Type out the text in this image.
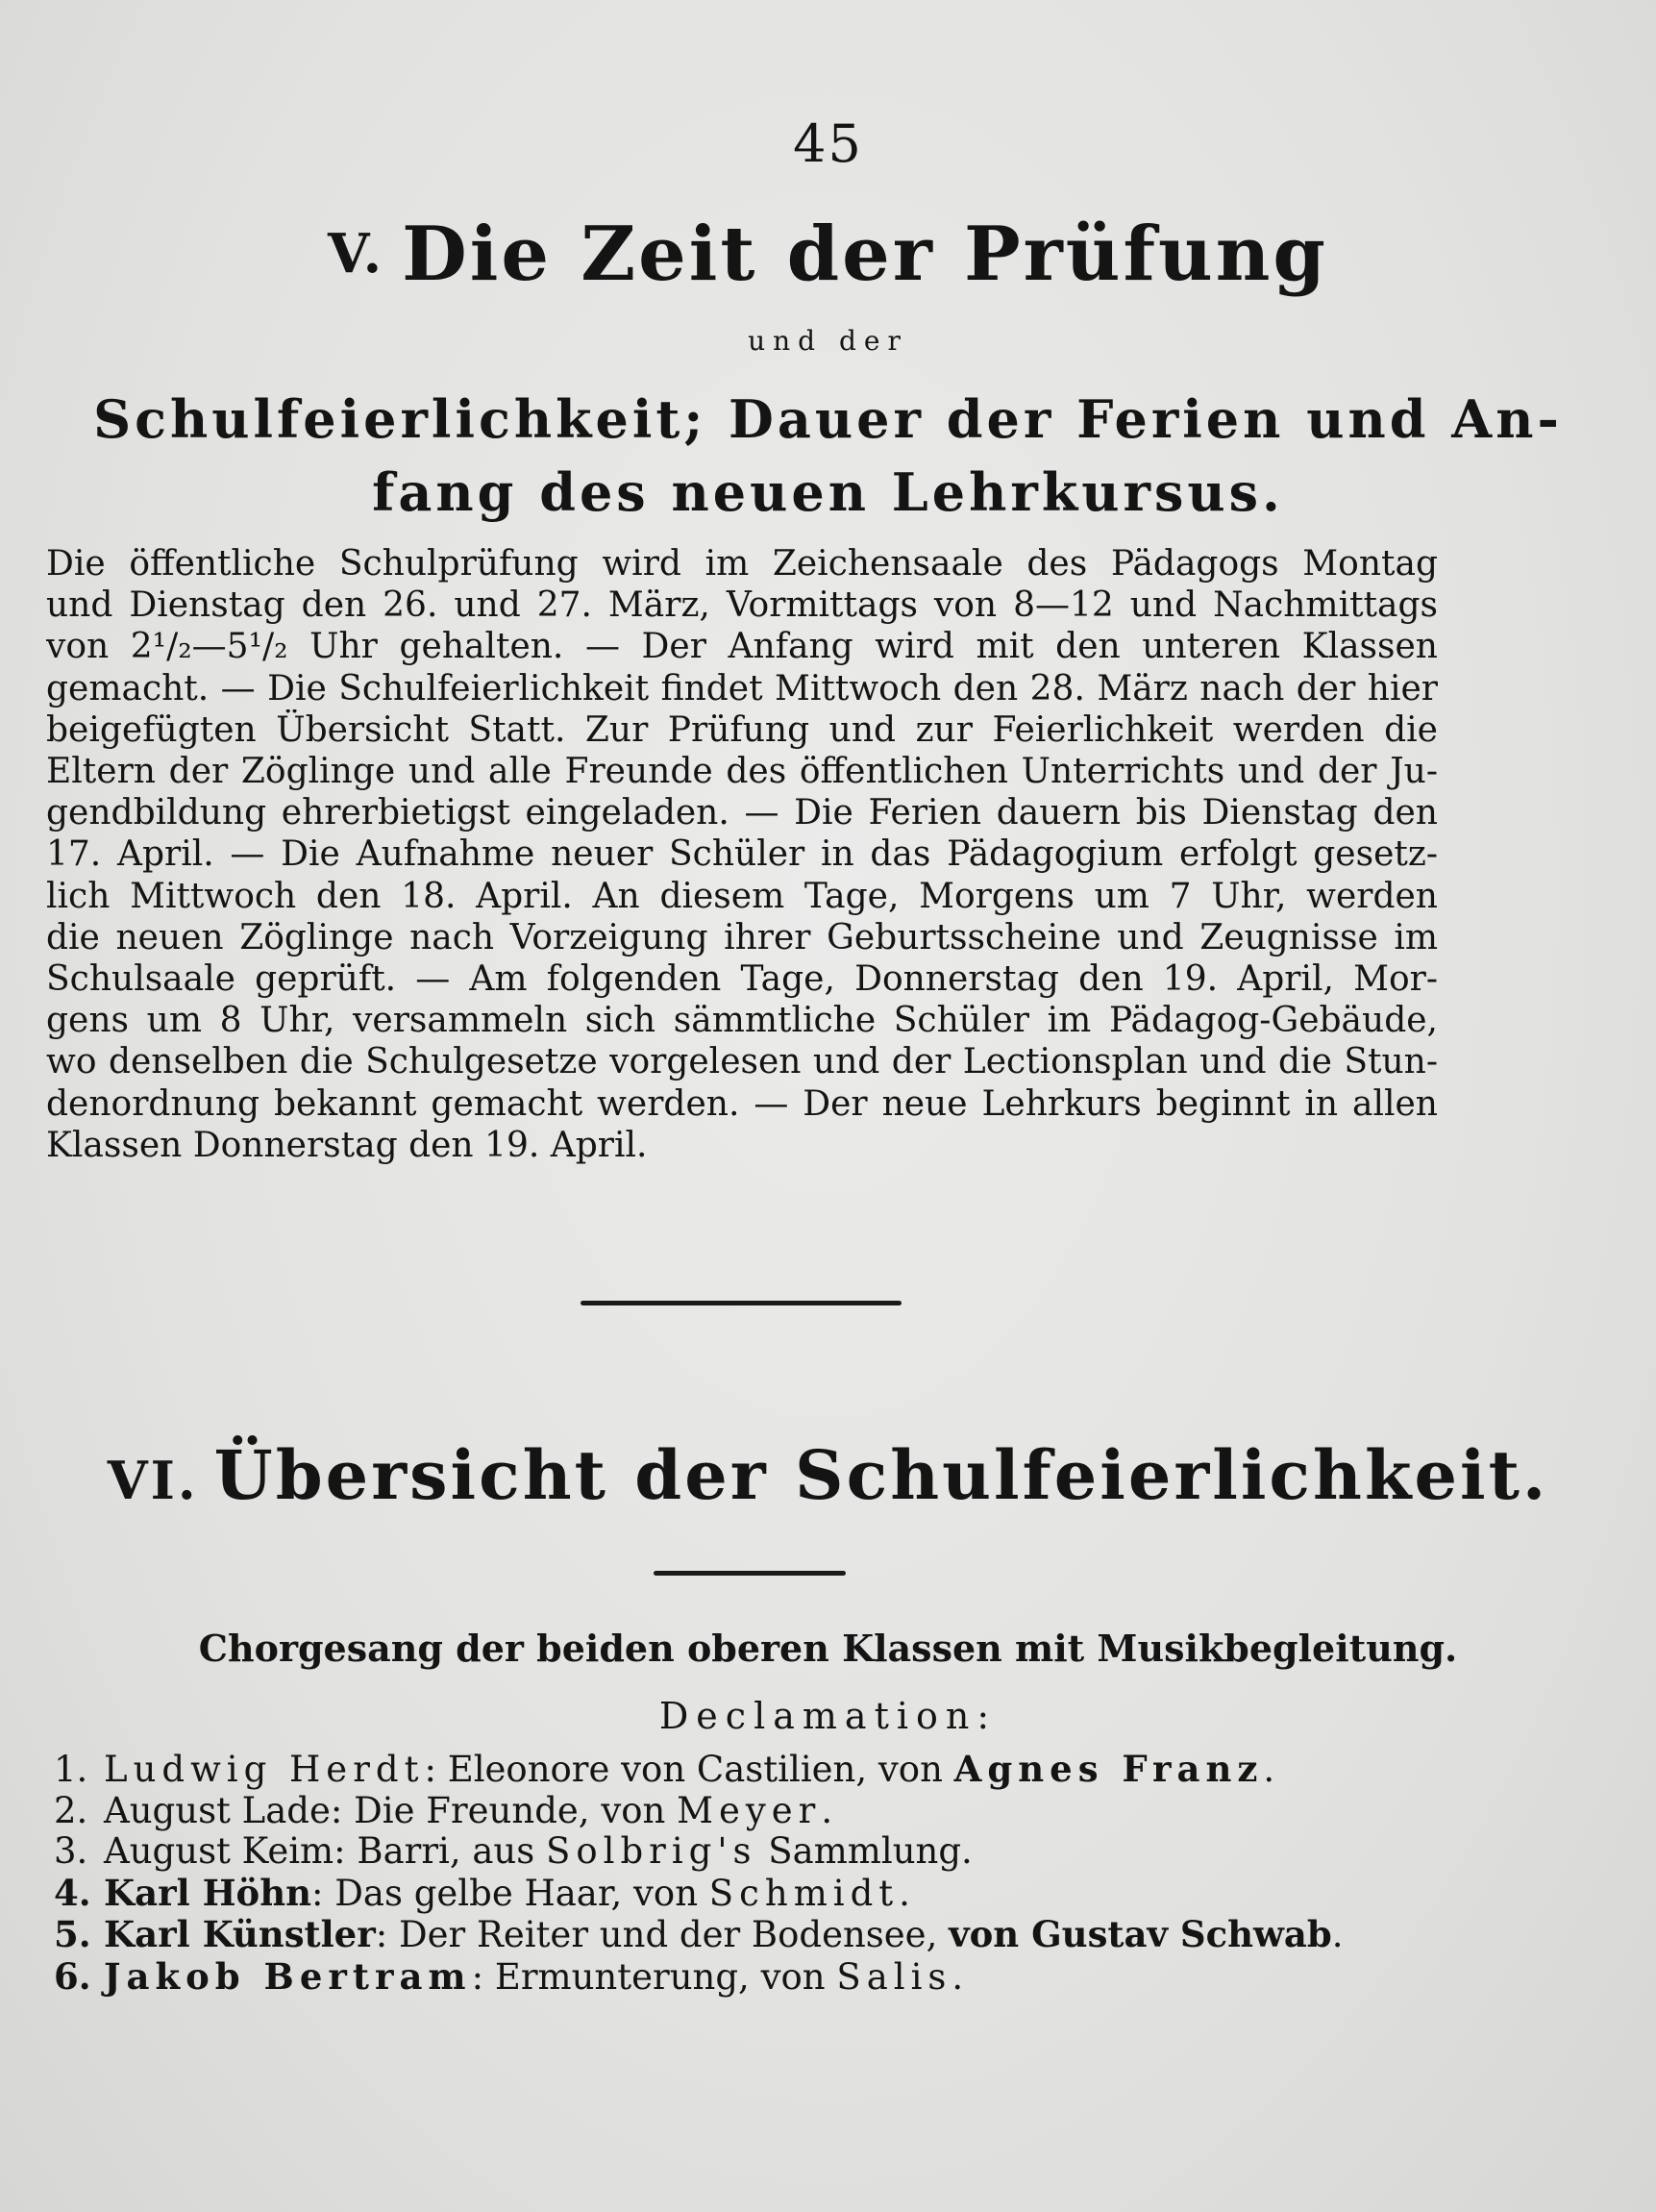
45
V. Die Zeit der Prüfung
und der
Schulfeierlichkeit; Dauer der Ferien und An-
fang des neuen Lehrkursus.
Die öffentliche Schulprüfung wird im Zeichensaale des Pädagogs Montag
und Dienstag den 26. und 27. März, Vormittags von 8—12 und Nachmittags
von 2¹/₂—5¹/₂ Uhr gehalten. — Der Anfang wird mit den unteren Klassen
gemacht. — Die Schulfeierlichkeit findet Mittwoch den 28. März nach der hier
beigefügten Übersicht Statt. Zur Prüfung und zur Feierlichkeit werden die
Eltern der Zöglinge und alle Freunde des öffentlichen Unterrichts und der Ju-
gendbildung ehrerbietigst eingeladen. — Die Ferien dauern bis Dienstag den
17. April. — Die Aufnahme neuer Schüler in das Pädagogium erfolgt gesetz-
lich Mittwoch den 18. April. An diesem Tage, Morgens um 7 Uhr, werden
die neuen Zöglinge nach Vorzeigung ihrer Geburtsscheine und Zeugnisse im
Schulsaale geprüft. — Am folgenden Tage, Donnerstag den 19. April, Mor-
gens um 8 Uhr, versammeln sich sämmtliche Schüler im Pädagog-Gebäude,
wo denselben die Schulgesetze vorgelesen und der Lectionsplan und die Stun-
denordnung bekannt gemacht werden. — Der neue Lehrkurs beginnt in allen
Klassen Donnerstag den 19. April.
VI. Übersicht der Schulfeierlichkeit.
Chorgesang der beiden oberen Klassen mit Musikbegleitung.
Declamation:
1. Ludwig Herdt: Eleonore von Castilien, von Agnes Franz.
2. August Lade: Die Freunde, von Meyer.
3. August Keim: Barri, aus Solbrig's Sammlung.
4. Karl Höhn: Das gelbe Haar, von Schmidt.
5. Karl Künstler: Der Reiter und der Bodensee, von Gustav Schwab.
6. Jakob Bertram: Ermunterung, von Salis.
